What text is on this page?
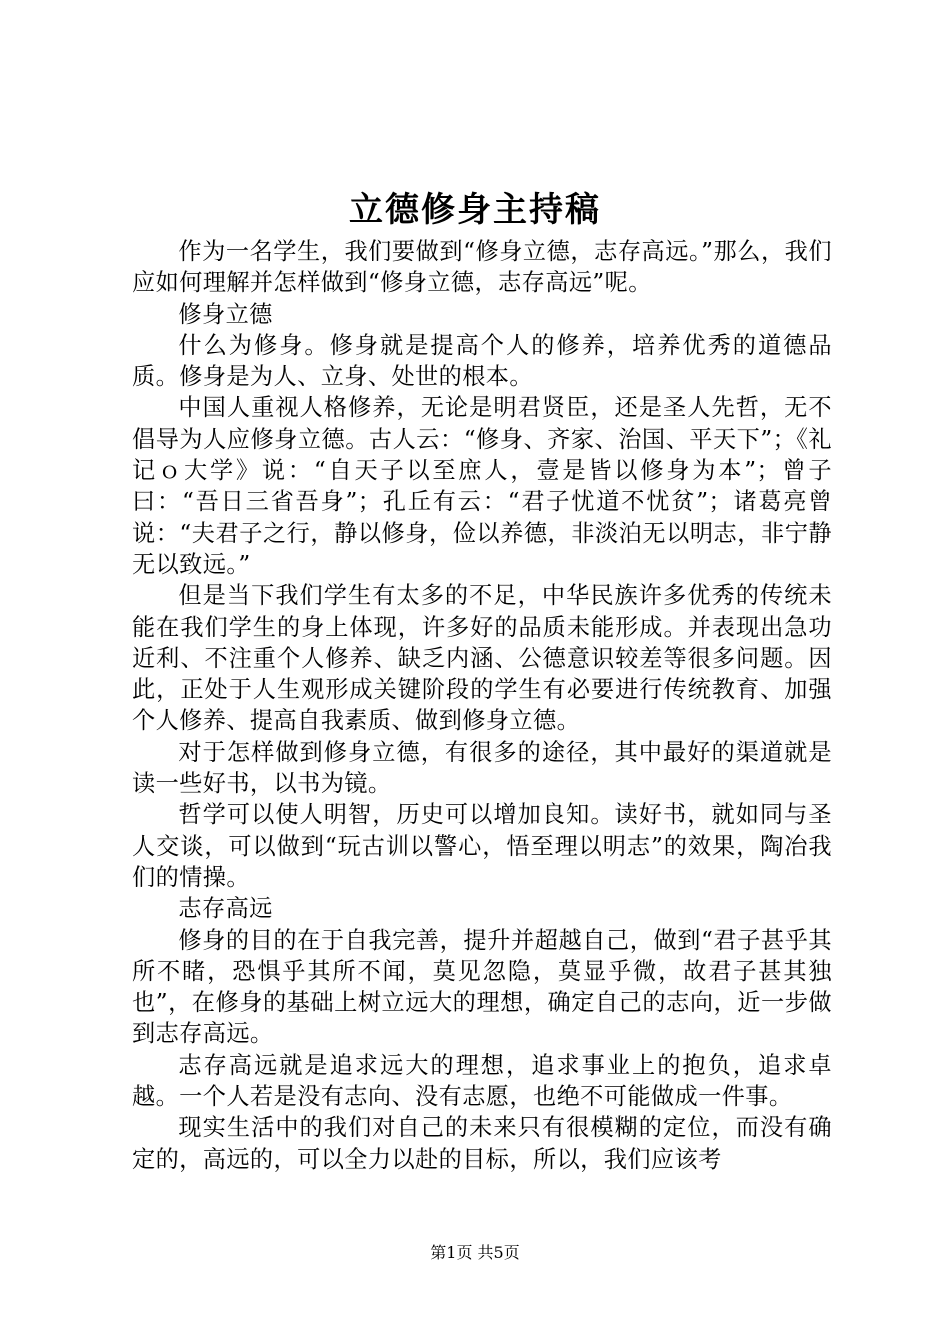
立德修身主持稿

作为一名学生，我们要做到“修身立德，志存高远。”那么，我们应如何理解并怎样做到“修身立德，志存高远”呢。

修身立德

什么为修身。修身就是提高个人的修养，培养优秀的道德品质。修身是为人、立身、处世的根本。

中国人重视人格修养，无论是明君贤臣，还是圣人先哲，无不倡导为人应修身立德。古人云：“修身、齐家、治国、平天下”；《礼记ｏ大学》说：“自天子以至庶人，壹是皆以修身为本”；曾子曰：“吾日三省吾身”；孔丘有云：“君子忧道不忧贫”；诸葛亮曾说：“夫君子之行，静以修身，俭以养德，非淡泊无以明志，非宁静无以致远。”

但是当下我们学生有太多的不足，中华民族许多优秀的传统未能在我们学生的身上体现，许多好的品质未能形成。并表现出急功近利、不注重个人修养、缺乏内涵、公德意识较差等很多问题。因此，正处于人生观形成关键阶段的学生有必要进行传统教育、加强个人修养、提高自我素质、做到修身立德。

对于怎样做到修身立德，有很多的途径，其中最好的渠道就是读一些好书，以书为镜。

哲学可以使人明智，历史可以增加良知。读好书，就如同与圣人交谈，可以做到“玩古训以警心，悟至理以明志”的效果，陶冶我们的情操。

志存高远

修身的目的在于自我完善，提升并超越自己，做到“君子甚乎其所不睹，恐惧乎其所不闻，莫见忽隐，莫显乎微，故君子甚其独也”，在修身的基础上树立远大的理想，确定自己的志向，近一步做到志存高远。

志存高远就是追求远大的理想，追求事业上的抱负，追求卓越。一个人若是没有志向、没有志愿，也绝不可能做成一件事。

现实生活中的我们对自己的未来只有很模糊的定位，而没有确定的，高远的，可以全力以赴的目标，所以，我们应该考

第1页 共5页
